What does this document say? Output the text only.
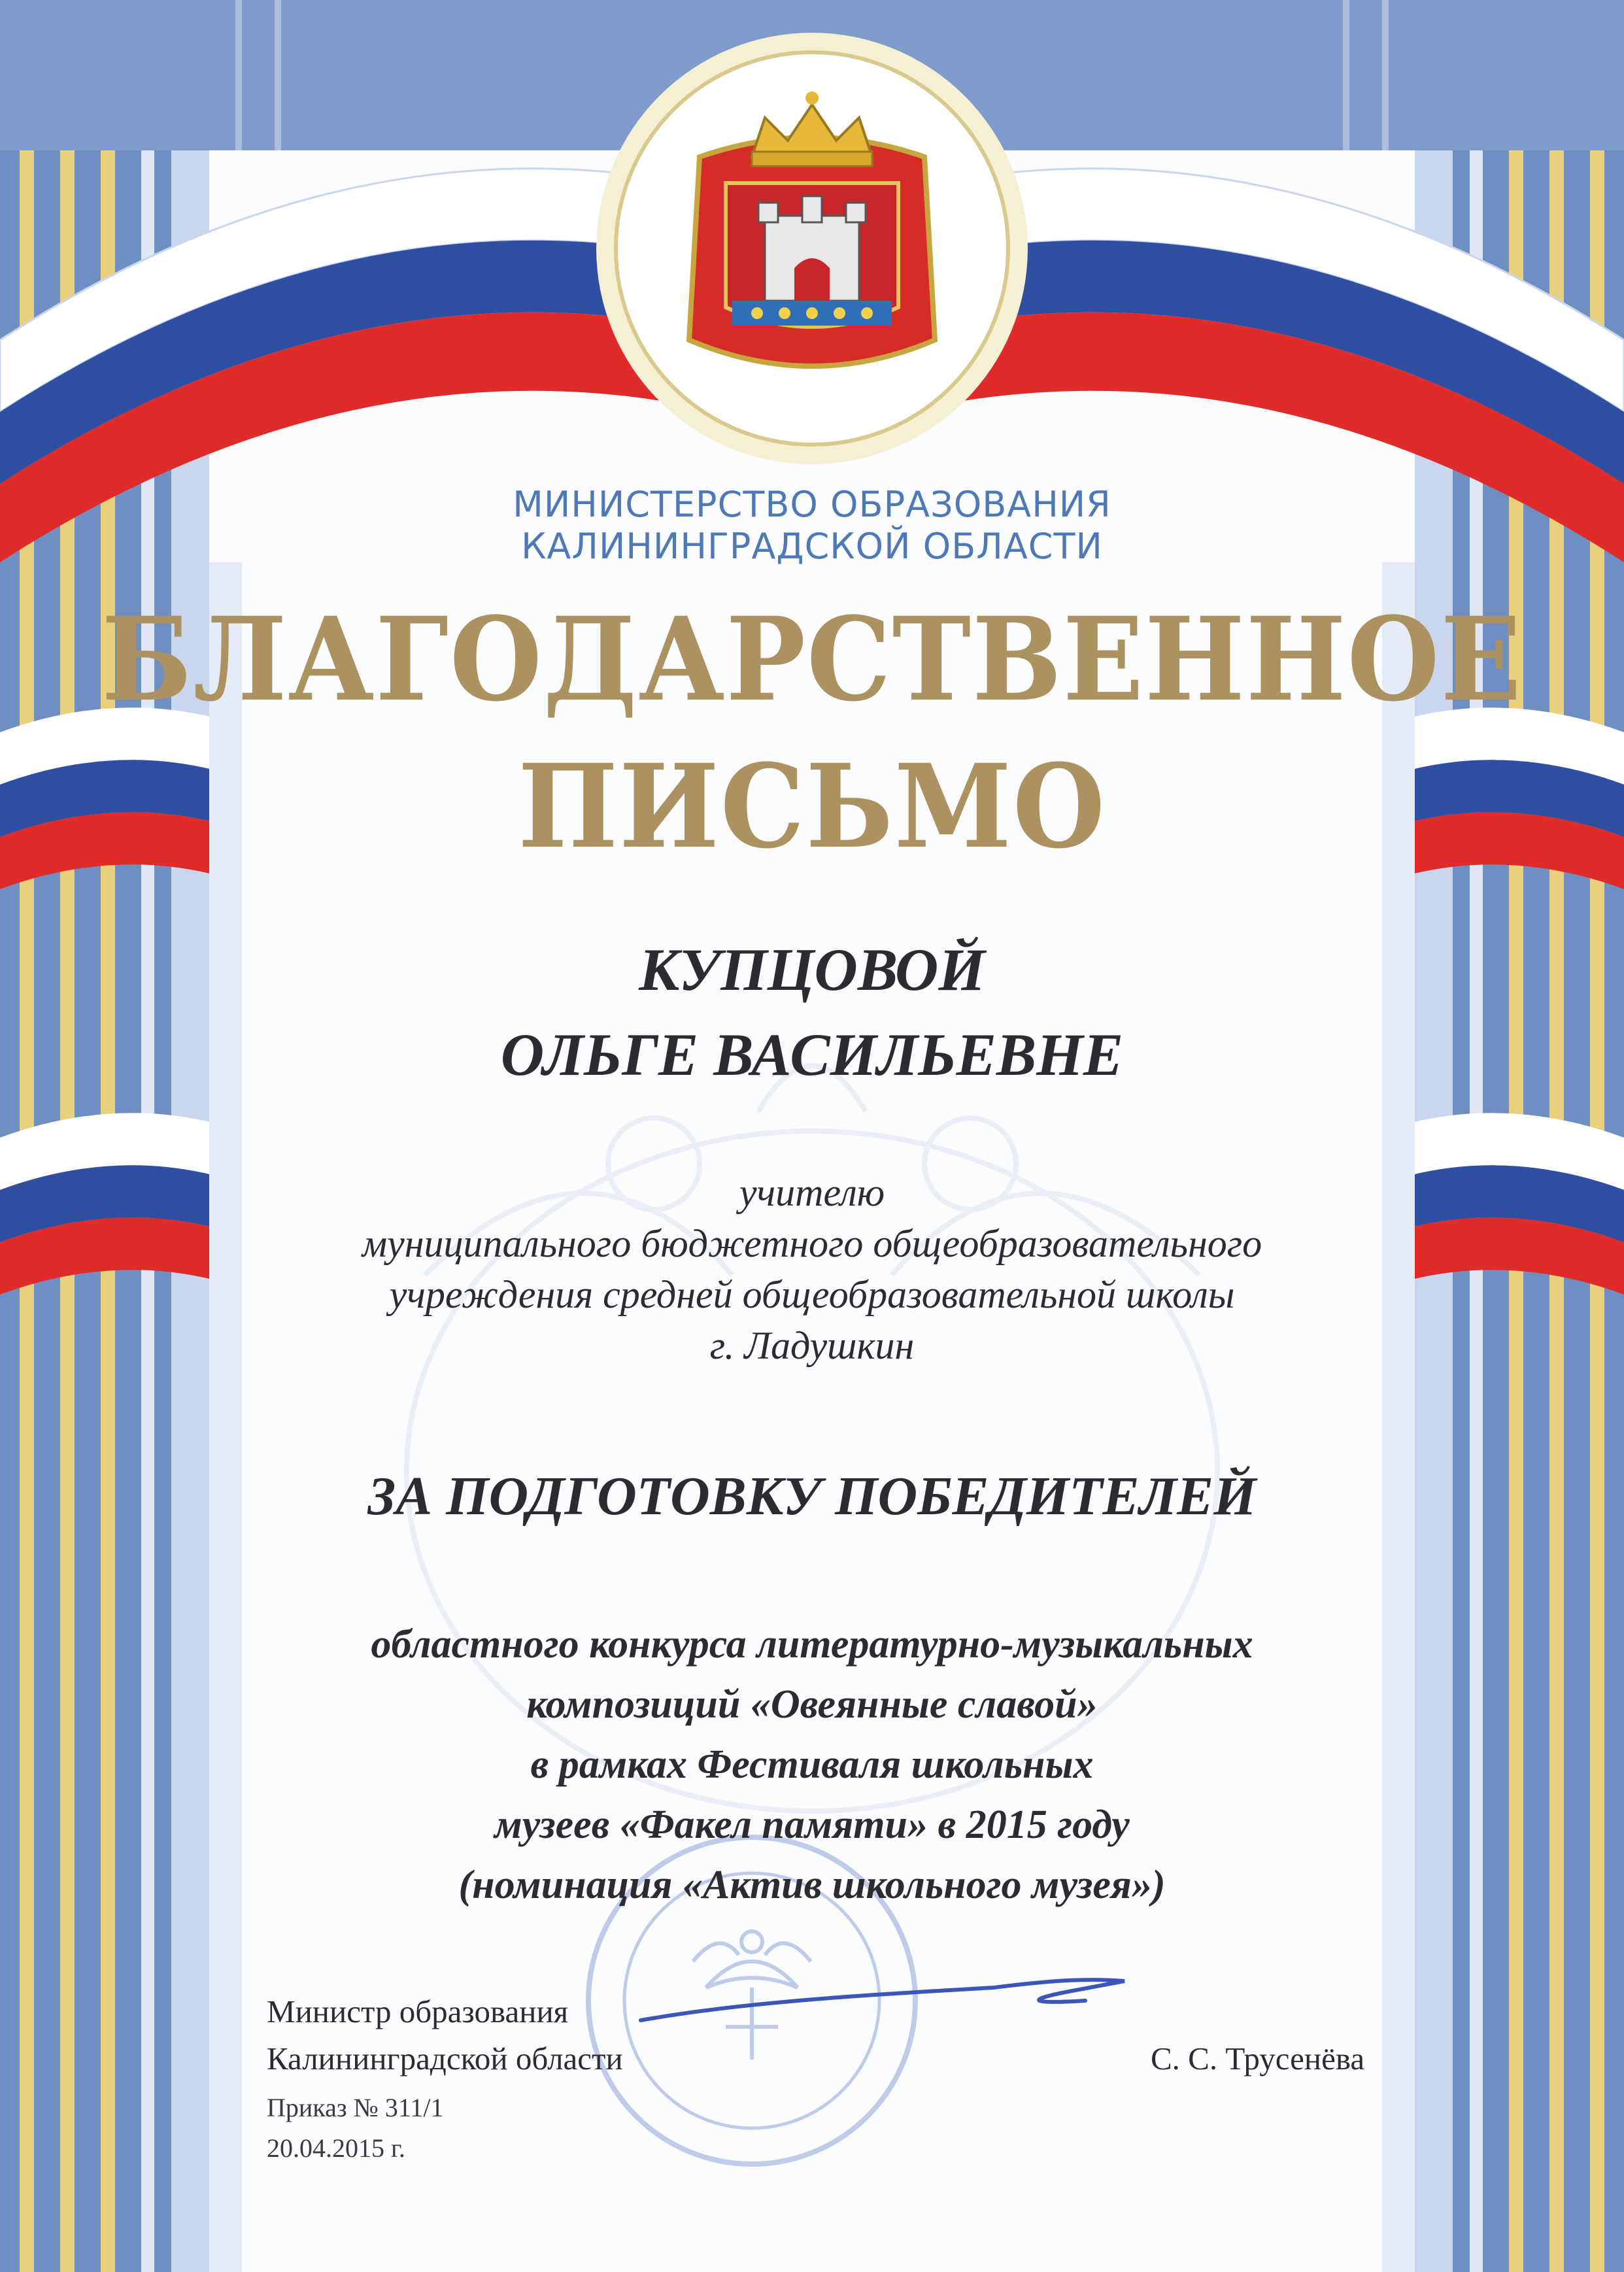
МИНИСТЕРСТВО ОБРАЗОВАНИЯ

КАЛИНИНГРАДСКОЙ ОБЛАСТИ

БЛАГОДАРСТВЕННОЕ

ПИСЬМО

КУПЦОВОЙ

ОЛЬГЕ ВАСИЛЬЕВНЕ

учителю

муниципального бюджетного общеобразовательного

учреждения средней общеобразовательной школы

г. Ладушкин

ЗА ПОДГОТОВКУ ПОБЕДИТЕЛЕЙ

областного конкурса литературно-музыкальных

композиций «Овеянные славой»

в рамках Фестиваля школьных

музеев «Факел памяти» в 2015 году

(номинация «Актив школьного музея»)

Министр образования

Калининградской области	С. С. Трусенёва

Приказ № 311/1

20.04.2015 г.
